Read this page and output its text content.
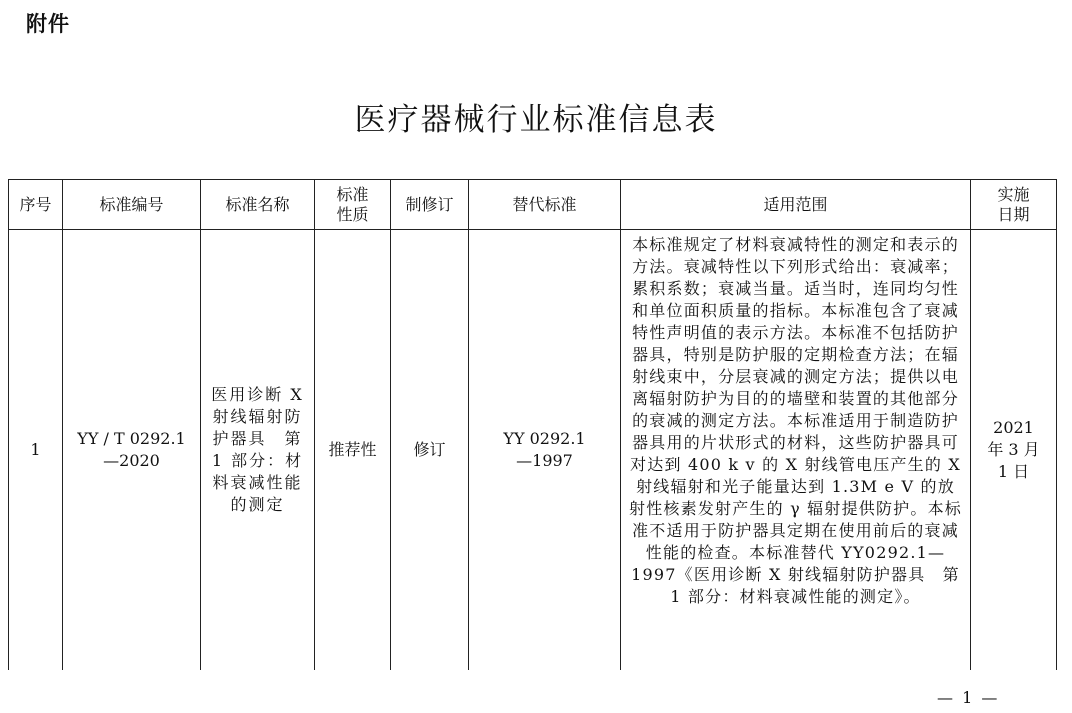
附件
医疗器械行业标准信息表
序号	标准编号	标准名称	标准性质	制修订	替代标准	适用范围	实施日期
1	YY / T 0292.1—2020	医用诊断 X 射线辐射防护器具　第 1 部分：材料衰减性能的测定	推荐性	修订	YY 0292.1—1997	本标准规定了材料衰减特性的测定和表示的方法。衰减特性以下列形式给出：衰减率；累积系数；衰减当量。适当时，连同均匀性和单位面积质量的指标。本标准包含了衰减特性声明值的表示方法。本标准不包括防护器具，特别是防护服的定期检查方法；在辐射线束中，分层衰减的测定方法；提供以电离辐射防护为目的的墙壁和装置的其他部分的衰减的测定方法。本标准适用于制造防护器具用的片状形式的材料，这些防护器具可对达到 400 k v 的 X 射线管电压产生的 X 射线辐射和光子能量达到 1.3M e V 的放射性核素发射产生的 γ 辐射提供防护。本标准不适用于防护器具定期在使用前后的衰减性能的检查。本标准替代 YY0292.1—1997《医用诊断 X 射线辐射防护器具　第 1 部分：材料衰减性能的测定》。	2021 年 3 月 1 日
— 1 —
